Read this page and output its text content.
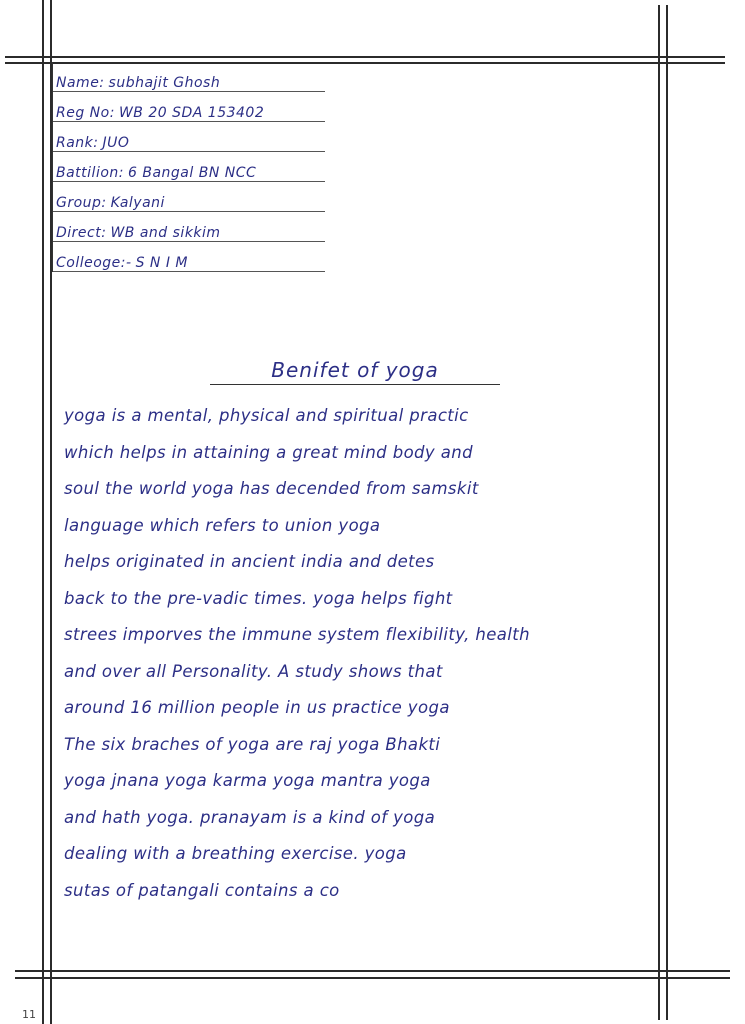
Name: subhajit Ghosh
Reg No: WB 20 SDA 153402
Rank: JUO
Battilion: 6 Bangal BN NCC
Group: Kalyani
Direct: WB and sikkim
Colleoge:- S N I M
Benifet of yoga
yoga is a mental, physical and spiritual practic
which helps in attaining a great mind body and
soul the world yoga has decended from samskit
language which refers to union yoga
helps originated in ancient india and detes
back to the pre-vadic times. yoga helps fight
strees imporves the immune system flexibility, health
and over all Personality. A study shows that
around 16 million people in us practice yoga
The six braches of yoga are raj yoga Bhakti
yoga jnana yoga karma yoga mantra yoga
and hath yoga. pranayam is a kind of yoga
dealing with a breathing exercise. yoga
sutas of patangali contains a co
11
